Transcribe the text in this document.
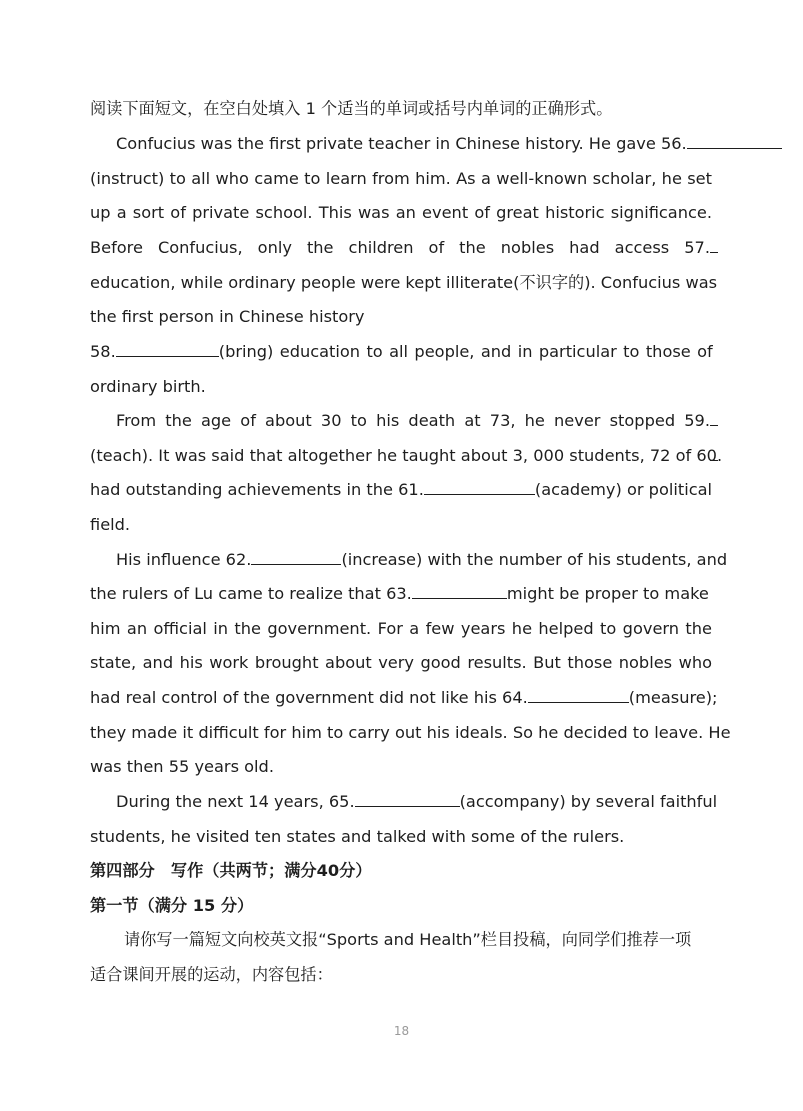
阅读下面短文，在空白处填入 1 个适当的单词或括号内单词的正确形式。
Confucius was the first private teacher in Chinese history. He gave 56.
(instruct) to all who came to learn from him. As a well-known scholar, he set
up a sort of private school. This was an event of great historic significance.
Before Confucius, only the children of the nobles had access 57.
education, while ordinary people were kept illiterate(不识字的). Confucius was
the first person in Chinese history
58.	(bring) education to all people, and in particular to those of
ordinary birth.
From the age of about 30 to his death at 73, he never stopped 59.
(teach). It was said that altogether he taught about 3, 000 students, 72 of 60.
had outstanding achievements in the 61.	(academy) or political
field.
His influence 62.	(increase) with the number of his students, and
the rulers of Lu came to realize that 63.	might be proper to make
him an official in the government. For a few years he helped to govern the
state, and his work brought about very good results. But those nobles who
had real control of the government did not like his 64.	(measure);
they made it difficult for him to carry out his ideals. So he decided to leave. He
was then 55 years old.
During the next 14 years, 65.	(accompany) by several faithful
students, he visited ten states and talked with some of the rulers.
第四部分　写作（共两节；满分40分）
第一节（满分 15 分）
请你写一篇短文向校英文报“Sports and Health”栏目投稿，向同学们推荐一项
适合课间开展的运动，内容包括：
18
